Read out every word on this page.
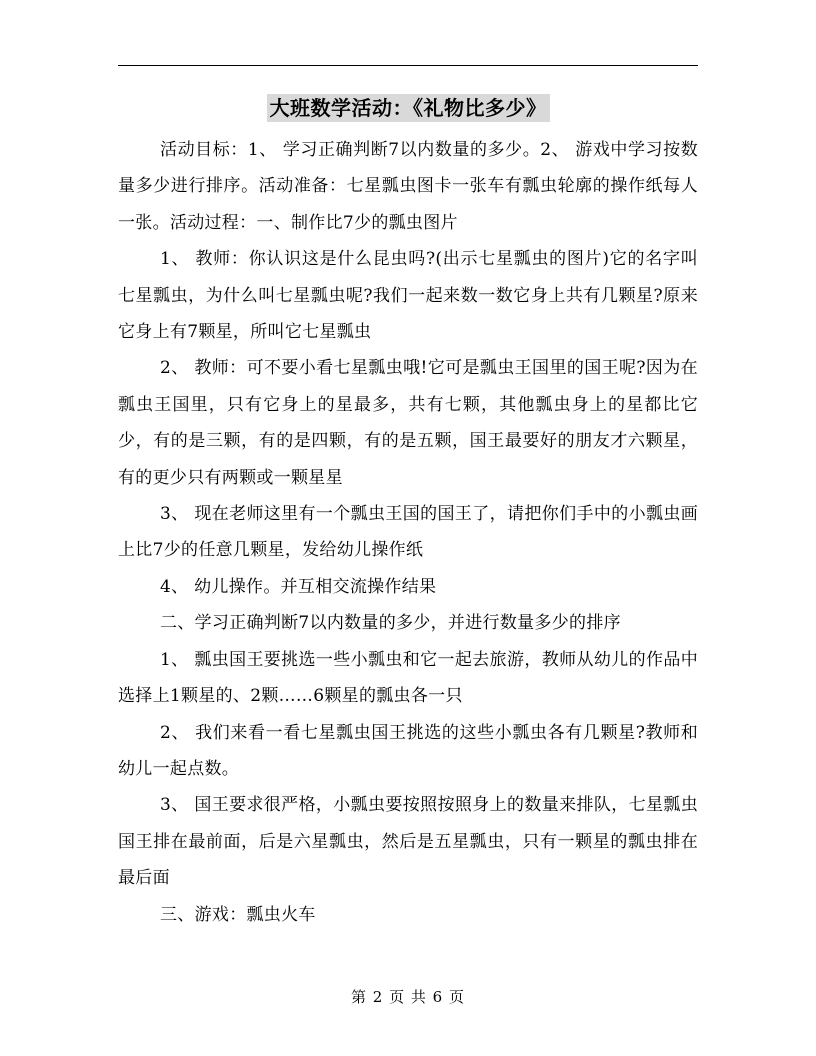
大班数学活动：《礼物比多少》

活动目标：1、 学习正确判断7以内数量的多少。2、 游戏中学习按数量多少进行排序。活动准备：七星瓢虫图卡一张车有瓢虫轮廓的操作纸每人一张。活动过程：一、制作比7少的瓢虫图片

1、 教师：你认识这是什么昆虫吗?(出示七星瓢虫的图片)它的名字叫七星瓢虫，为什么叫七星瓢虫呢?我们一起来数一数它身上共有几颗星?原来它身上有7颗星，所叫它七星瓢虫

2、 教师：可不要小看七星瓢虫哦!它可是瓢虫王国里的国王呢?因为在瓢虫王国里，只有它身上的星最多，共有七颗，其他瓢虫身上的星都比它少，有的是三颗，有的是四颗，有的是五颗，国王最要好的朋友才六颗星，有的更少只有两颗或一颗星星

3、 现在老师这里有一个瓢虫王国的国王了，请把你们手中的小瓢虫画上比7少的任意几颗星，发给幼儿操作纸

4、 幼儿操作。并互相交流操作结果

二、学习正确判断7以内数量的多少，并进行数量多少的排序

1、 瓢虫国王要挑选一些小瓢虫和它一起去旅游，教师从幼儿的作品中选择上1颗星的、2颗……6颗星的瓢虫各一只

2、 我们来看一看七星瓢虫国王挑选的这些小瓢虫各有几颗星?教师和幼儿一起点数。

3、 国王要求很严格，小瓢虫要按照按照身上的数量来排队，七星瓢虫国王排在最前面，后是六星瓢虫，然后是五星瓢虫，只有一颗星的瓢虫排在最后面

三、游戏：瓢虫火车

第 2 页 共 6 页
